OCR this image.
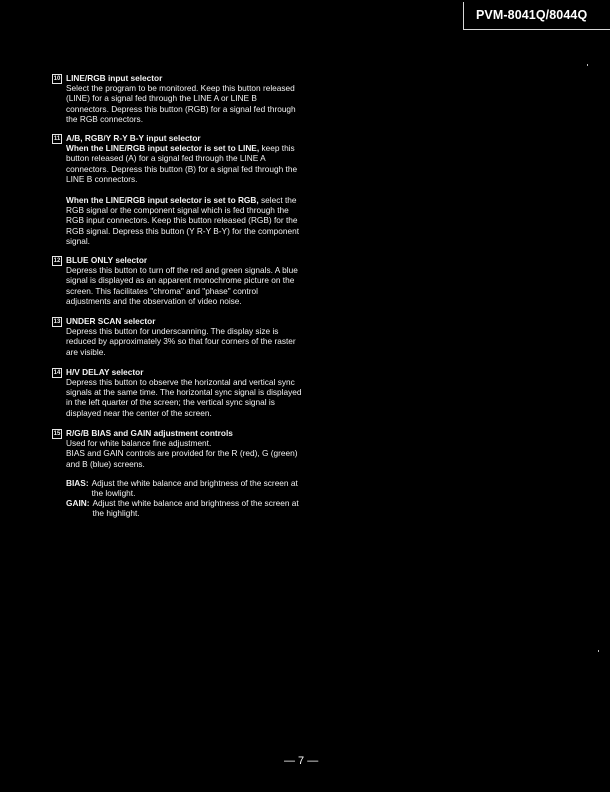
PVM-8041Q/8044Q
10 LINE/RGB input selector

Select the program to be monitored. Keep this button released (LINE) for a signal fed through the LINE A or LINE B connectors. Depress this button (RGB) for a signal fed through the RGB connectors.

11 A/B, RGB/Y R-Y B-Y input selector

When the LINE/RGB input selector is set to LINE, keep this button released (A) for a signal fed through the LINE A connectors. Depress this button (B) for a signal fed through the LINE B connectors.

When the LINE/RGB input selector is set to RGB, select the RGB signal or the component signal which is fed through the RGB input connectors. Keep this button released (RGB) for the RGB signal. Depress this button (Y R-Y B-Y) for the component signal.

12 BLUE ONLY selector

Depress this button to turn off the red and green signals. A blue signal is displayed as an apparent monochrome picture on the screen. This facilitates "chroma" and "phase" control adjustments and the observation of video noise.

13 UNDER SCAN selector

Depress this button for underscanning. The display size is reduced by approximately 3% so that four corners of the raster are visible.

14 H/V DELAY selector

Depress this button to observe the horizontal and vertical sync signals at the same time. The horizontal sync signal is displayed in the left quarter of the screen; the vertical sync signal is displayed near the center of the screen.

15 R/G/B BIAS and GAIN adjustment controls

Used for white balance fine adjustment.

BIAS and GAIN controls are provided for the R (red), G (green) and B (blue) screens.

BIAS: Adjust the white balance and brightness of the screen at the lowlight.
GAIN: Adjust the white balance and brightness of the screen at the highlight.
— 7 —
